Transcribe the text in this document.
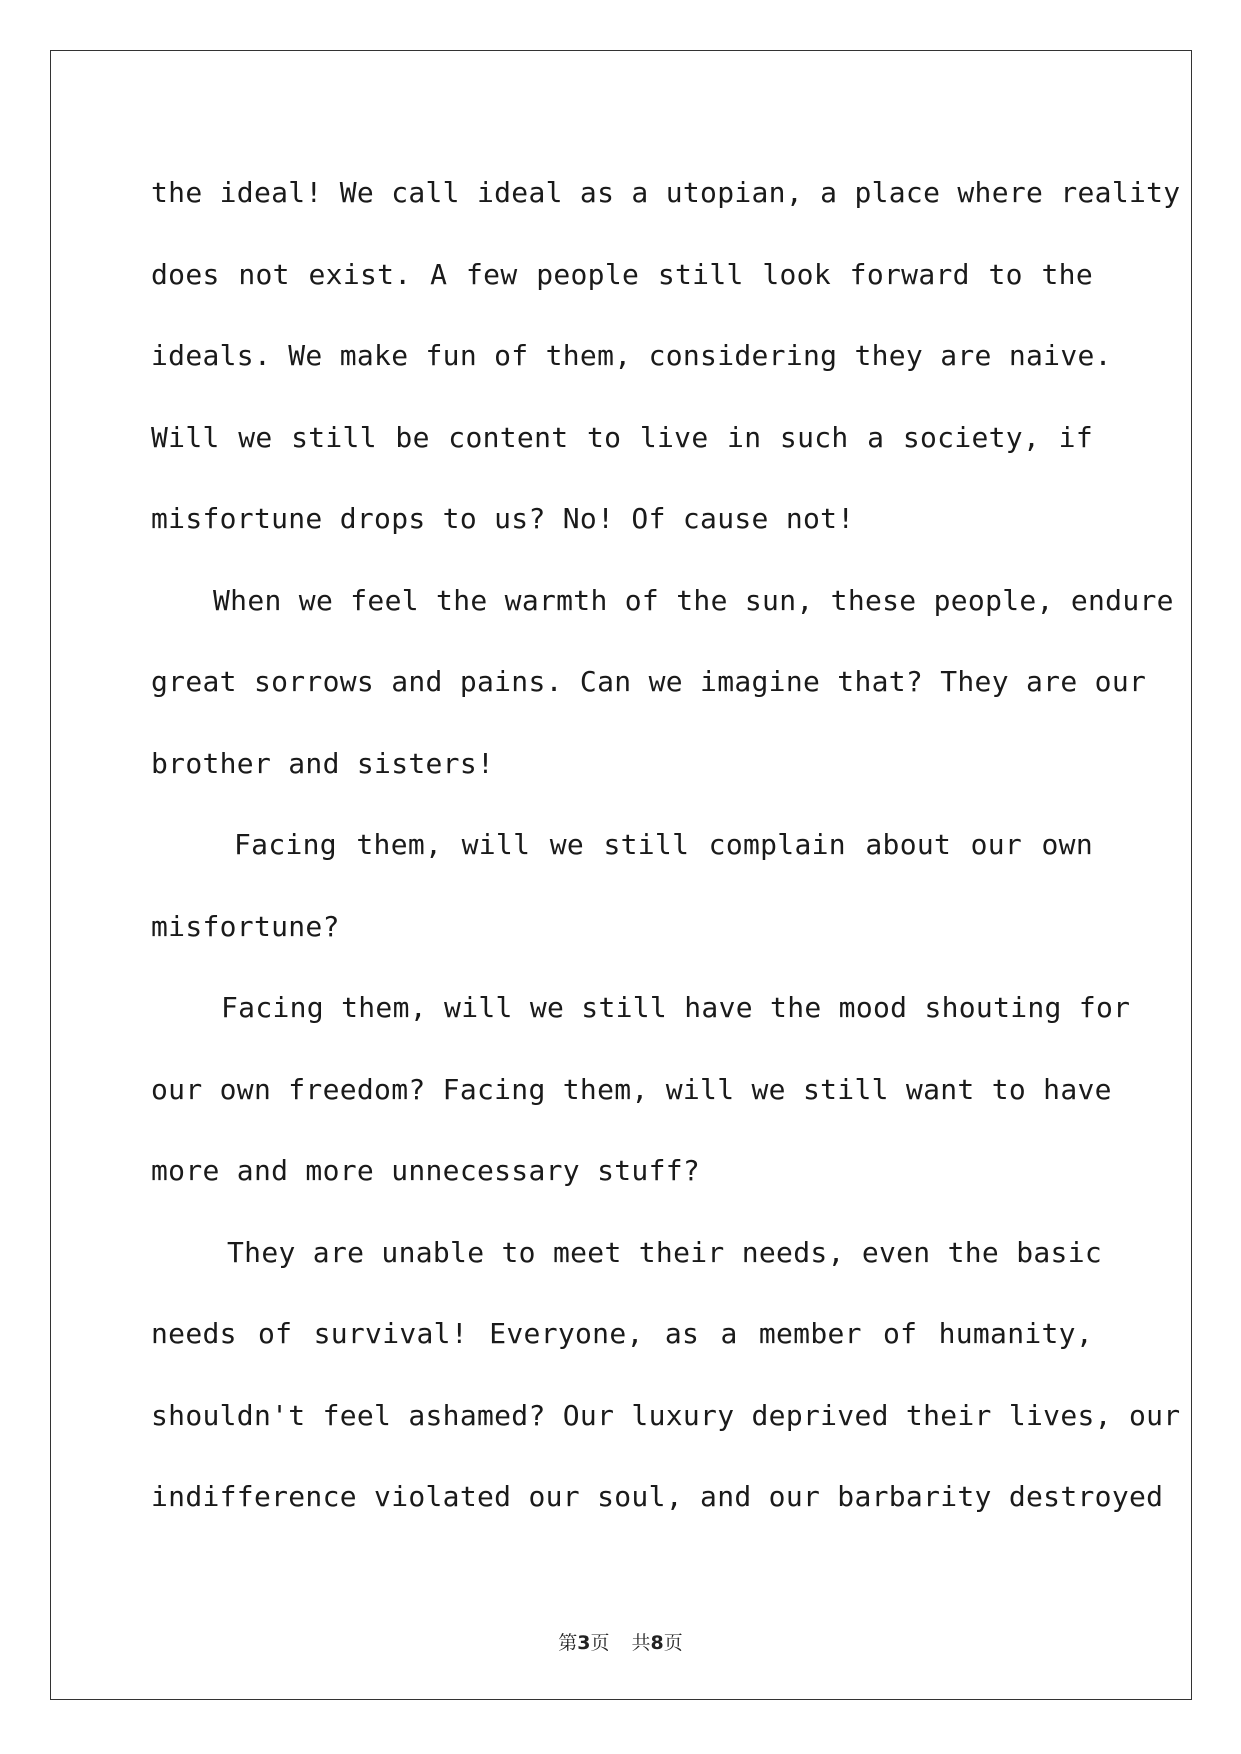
the ideal! We call ideal as a utopian, a place where reality
does not exist. A few people still look forward to the
ideals. We make fun of them, considering they are naive.
Will we still be content to live in such a society, if
misfortune drops to us? No! Of cause not!
When we feel the warmth of the sun, these people, endure
great sorrows and pains. Can we imagine that? They are our
brother and sisters!
Facing them, will we still complain about our own
misfortune?
Facing them, will we still have the mood shouting for
our own freedom? Facing them, will we still want to have
more and more unnecessary stuff?
They are unable to meet their needs, even the basic
needs of survival! Everyone, as a member of humanity,
shouldn't feel ashamed? Our luxury deprived their lives, our
indifference violated our soul, and our barbarity destroyed
第3页 共8页
